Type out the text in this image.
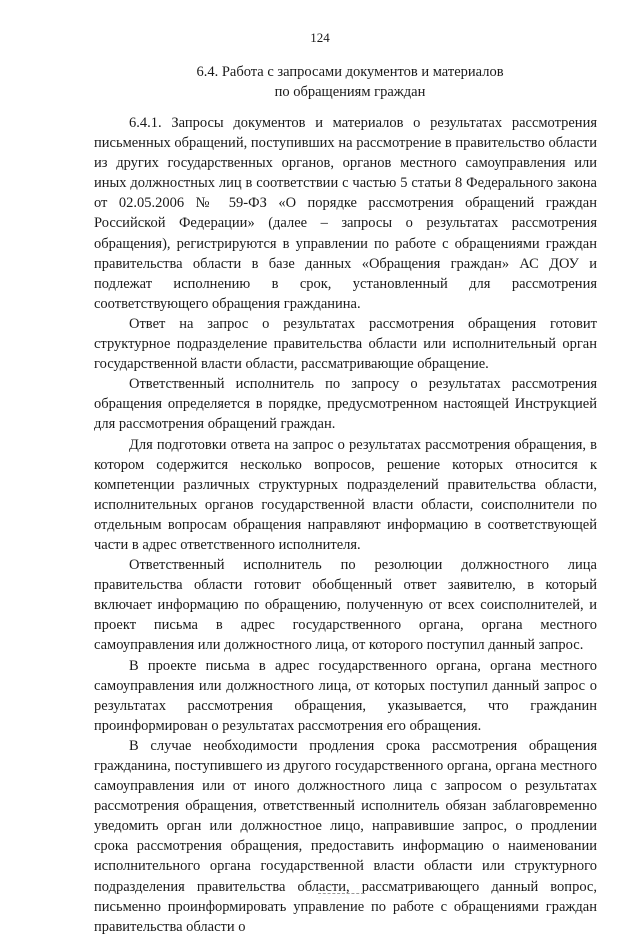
124
6.4. Работа с запросами документов и материалов
по обращениям граждан

6.4.1. Запросы документов и материалов о результатах рассмотрения письменных обращений, поступивших на рассмотрение в правительство области из других государственных органов, органов местного самоуправления или иных должностных лиц в соответствии с частью 5 статьи 8 Федерального закона от 02.05.2006 № 59-ФЗ «О порядке рассмотрения обращений граждан Российской Федерации» (далее – запросы о результатах рассмотрения обращения), регистрируются в управлении по работе с обращениями граждан правительства области в базе данных «Обращения граждан» АС ДОУ и подлежат исполнению в срок, установленный для рассмотрения соответствующего обращения гражданина.

Ответ на запрос о результатах рассмотрения обращения готовит структурное подразделение правительства области или исполнительный орган государственной власти области, рассматривающие обращение.

Ответственный исполнитель по запросу о результатах рассмотрения обращения определяется в порядке, предусмотренном настоящей Инструкцией для рассмотрения обращений граждан.

Для подготовки ответа на запрос о результатах рассмотрения обращения, в котором содержится несколько вопросов, решение которых относится к компетенции различных структурных подразделений правительства области, исполнительных органов государственной власти области, соисполнители по отдельным вопросам обращения направляют информацию в соответствующей части в адрес ответственного исполнителя.

Ответственный исполнитель по резолюции должностного лица правительства области готовит обобщенный ответ заявителю, в который включает информацию по обращению, полученную от всех соисполнителей, и проект письма в адрес государственного органа, органа местного самоуправления или должностного лица, от которого поступил данный запрос.

В проекте письма в адрес государственного органа, органа местного самоуправления или должностного лица, от которых поступил данный запрос о результатах рассмотрения обращения, указывается, что гражданин проинформирован о результатах рассмотрения его обращения.

В случае необходимости продления срока рассмотрения обращения гражданина, поступившего из другого государственного органа, органа местного самоуправления или от иного должностного лица с запросом о результатах рассмотрения обращения, ответственный исполнитель обязан заблаговременно уведомить орган или должностное лицо, направившие запрос, о продлении срока рассмотрения обращения, предоставить информацию о наименовании исполнительного органа государственной власти области или структурного подразделения правительства области, рассматривающего данный вопрос, письменно проинформировать управление по работе с обращениями граждан правительства области о
